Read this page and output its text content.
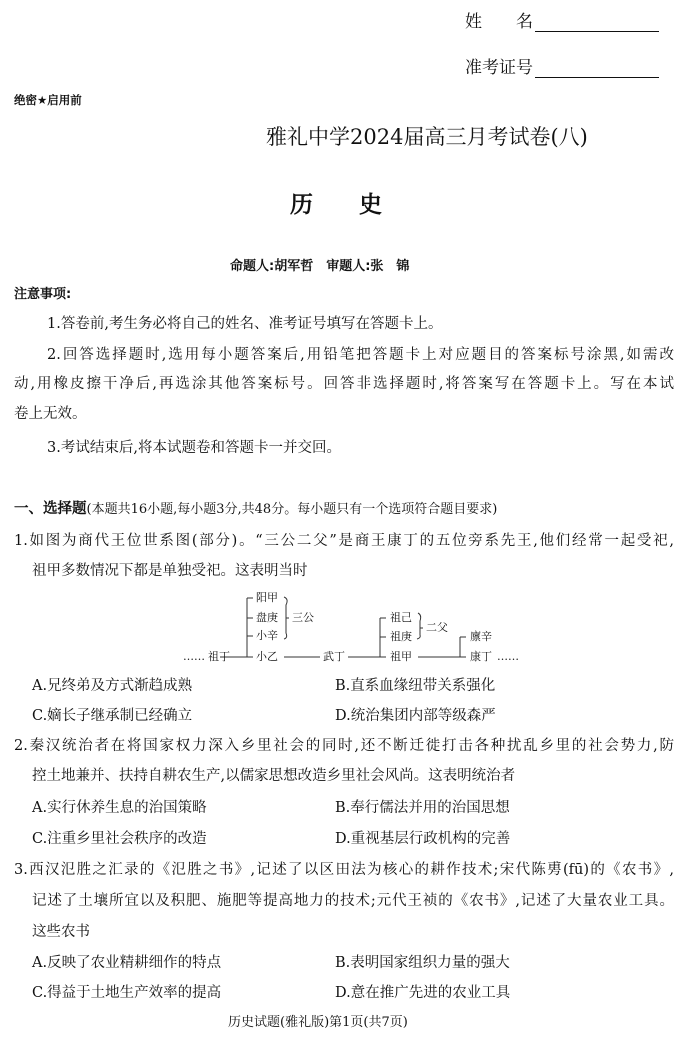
姓　　名
准考证号
绝密★启用前
雅礼中学2024届高三月考试卷(八)
历　　史
命题人:胡军哲　审题人:张　锦
注意事项:
1.答卷前,考生务必将自己的姓名、准考证号填写在答题卡上。
2.回答选择题时,选用每小题答案后,用铅笔把答题卡上对应题目的答案标号涂黑,如需改
动,用橡皮擦干净后,再选涂其他答案标号。回答非选择题时,将答案写在答题卡上。写在本试
卷上无效。
3.考试结束后,将本试题卷和答题卡一并交回。
一、选择题(本题共16小题,每小题3分,共48分。每小题只有一个选项符合题目要求)
1.如图为商代王位世系图(部分)。“三公二父”是商王康丁的五位旁系先王,他们经常一起受祀,
祖甲多数情况下都是单独受祀。这表明当时
…… 祖丁
阳甲
盘庚
小辛
小乙
三公
武丁
祖己
祖庚
祖甲
二父
廪辛
康丁 ……
A.兄终弟及方式渐趋成熟	B.直系血缘纽带关系强化
C.嫡长子继承制已经确立	D.统治集团内部等级森严
2.秦汉统治者在将国家权力深入乡里社会的同时,还不断迁徙打击各种扰乱乡里的社会势力,防
控土地兼并、扶持自耕农生产,以儒家思想改造乡里社会风尚。这表明统治者
A.实行休养生息的治国策略	B.奉行儒法并用的治国思想
C.注重乡里社会秩序的改造	D.重视基层行政机构的完善
3.西汉氾胜之汇录的《氾胜之书》,记述了以区田法为核心的耕作技术;宋代陈旉(fū)的《农书》,
记述了土壤所宜以及积肥、施肥等提高地力的技术;元代王祯的《农书》,记述了大量农业工具。
这些农书
A.反映了农业精耕细作的特点	B.表明国家组织力量的强大
C.得益于土地生产效率的提高	D.意在推广先进的农业工具
历史试题(雅礼版)第1页(共7页)
